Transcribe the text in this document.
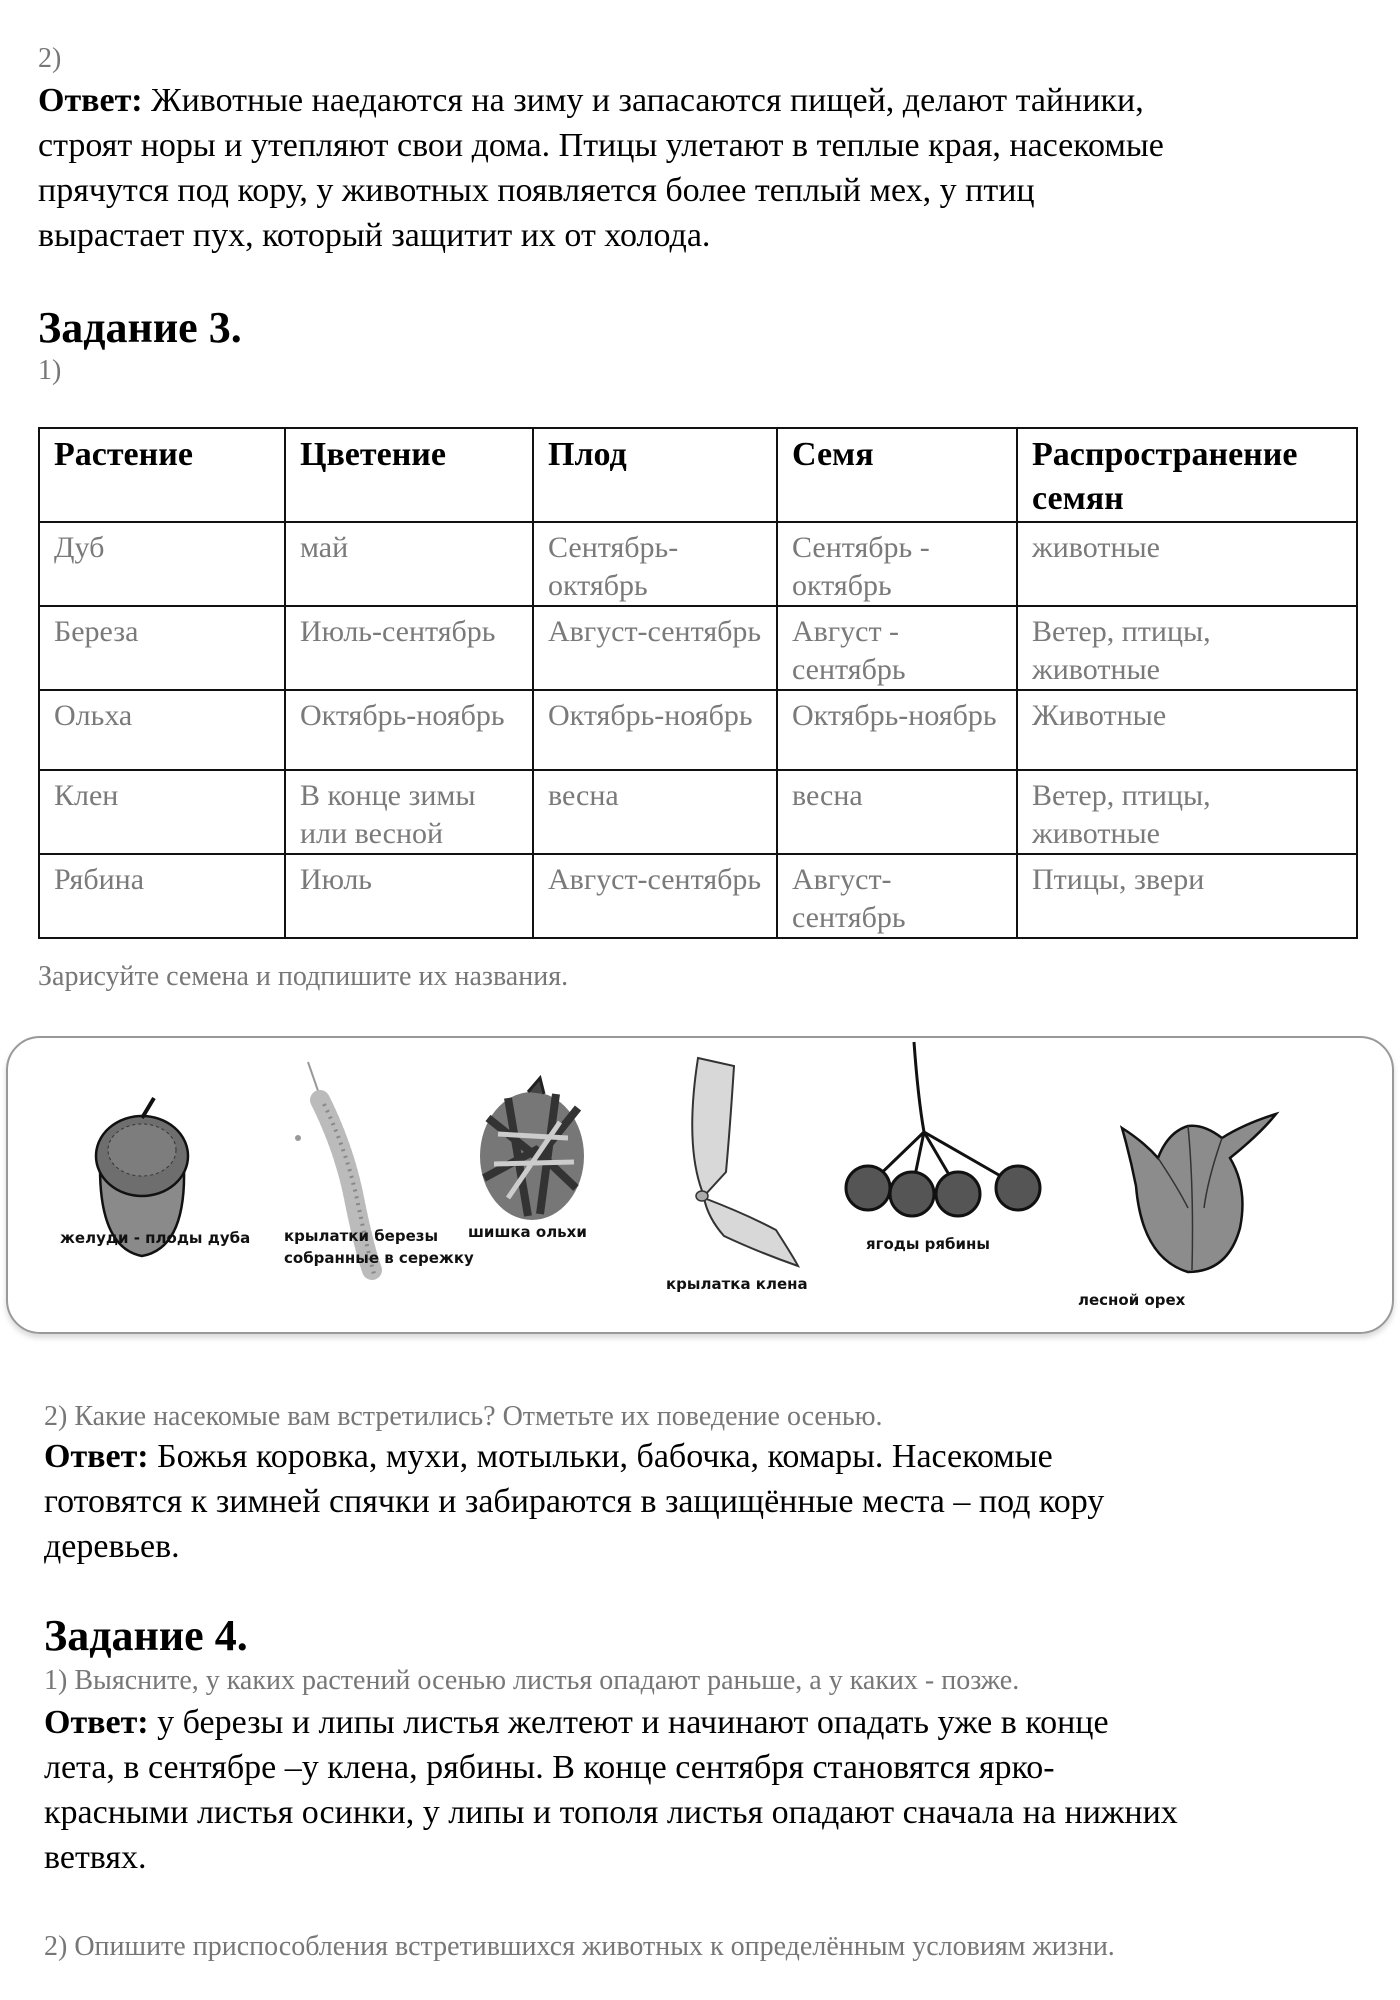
2)
Ответ: Животные наедаются на зиму и запасаются пищей, делают тайники,
строят норы и утепляют свои дома. Птицы улетают в теплые края, насекомые
прячутся под кору, у животных появляется более теплый мех, у птиц
вырастает пух, который защитит их от холода.
Задание 3.
1)
Растение	Цветение	Плод	Семя	Распространение семян
Дуб	май	Сентябрь-октябрь	Сентябрь - октябрь	животные
Береза	Июль-сентябрь	Август-сентябрь	Август - сентябрь	Ветер, птицы, животные
Ольха	Октябрь-ноябрь	Октябрь-ноябрь	Октябрь-ноябрь	Животные
Клен	В конце зимы или весной	весна	весна	Ветер, птицы, животные
Рябина	Июль	Август-сентябрь	Август-сентябрь	Птицы, звери
Зарисуйте семена и подпишите их названия.
желуди - плоды дуба крылатки березы
собранные в сережку
шишка ольхи
крылатка клена
ягоды рябины
лесной орех
2) Какие насекомые вам встретились? Отметьте их поведение осенью.
Ответ: Божья коровка, мухи, мотыльки, бабочка, комары. Насекомые
готовятся к зимней спячки и забираются в защищённые места – под кору
деревьев.
Задание 4.
1) Выясните, у каких растений осенью листья опадают раньше, а у каких - позже.
Ответ: у березы и липы листья желтеют и начинают опадать уже в конце
лета, в сентябре –у клена, рябины. В конце сентября становятся ярко-
красными листья осинки, у липы и тополя листья опадают сначала на нижних
ветвях.
2) Опишите приспособления встретившихся животных к определённым условиям жизни.
